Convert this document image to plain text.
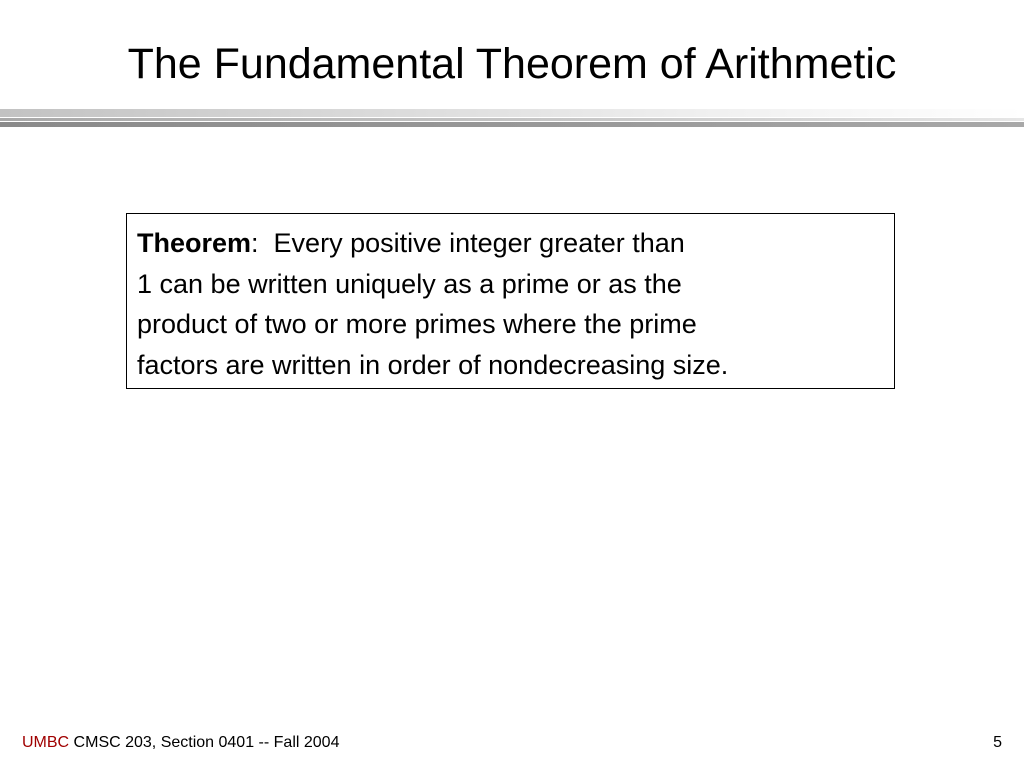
The Fundamental Theorem of Arithmetic
Theorem:  Every positive integer greater than
1 can be written uniquely as a prime or as the
product of two or more primes where the prime
factors are written in order of nondecreasing size.
UMBC CMSC 203, Section 0401 -- Fall 2004	5
